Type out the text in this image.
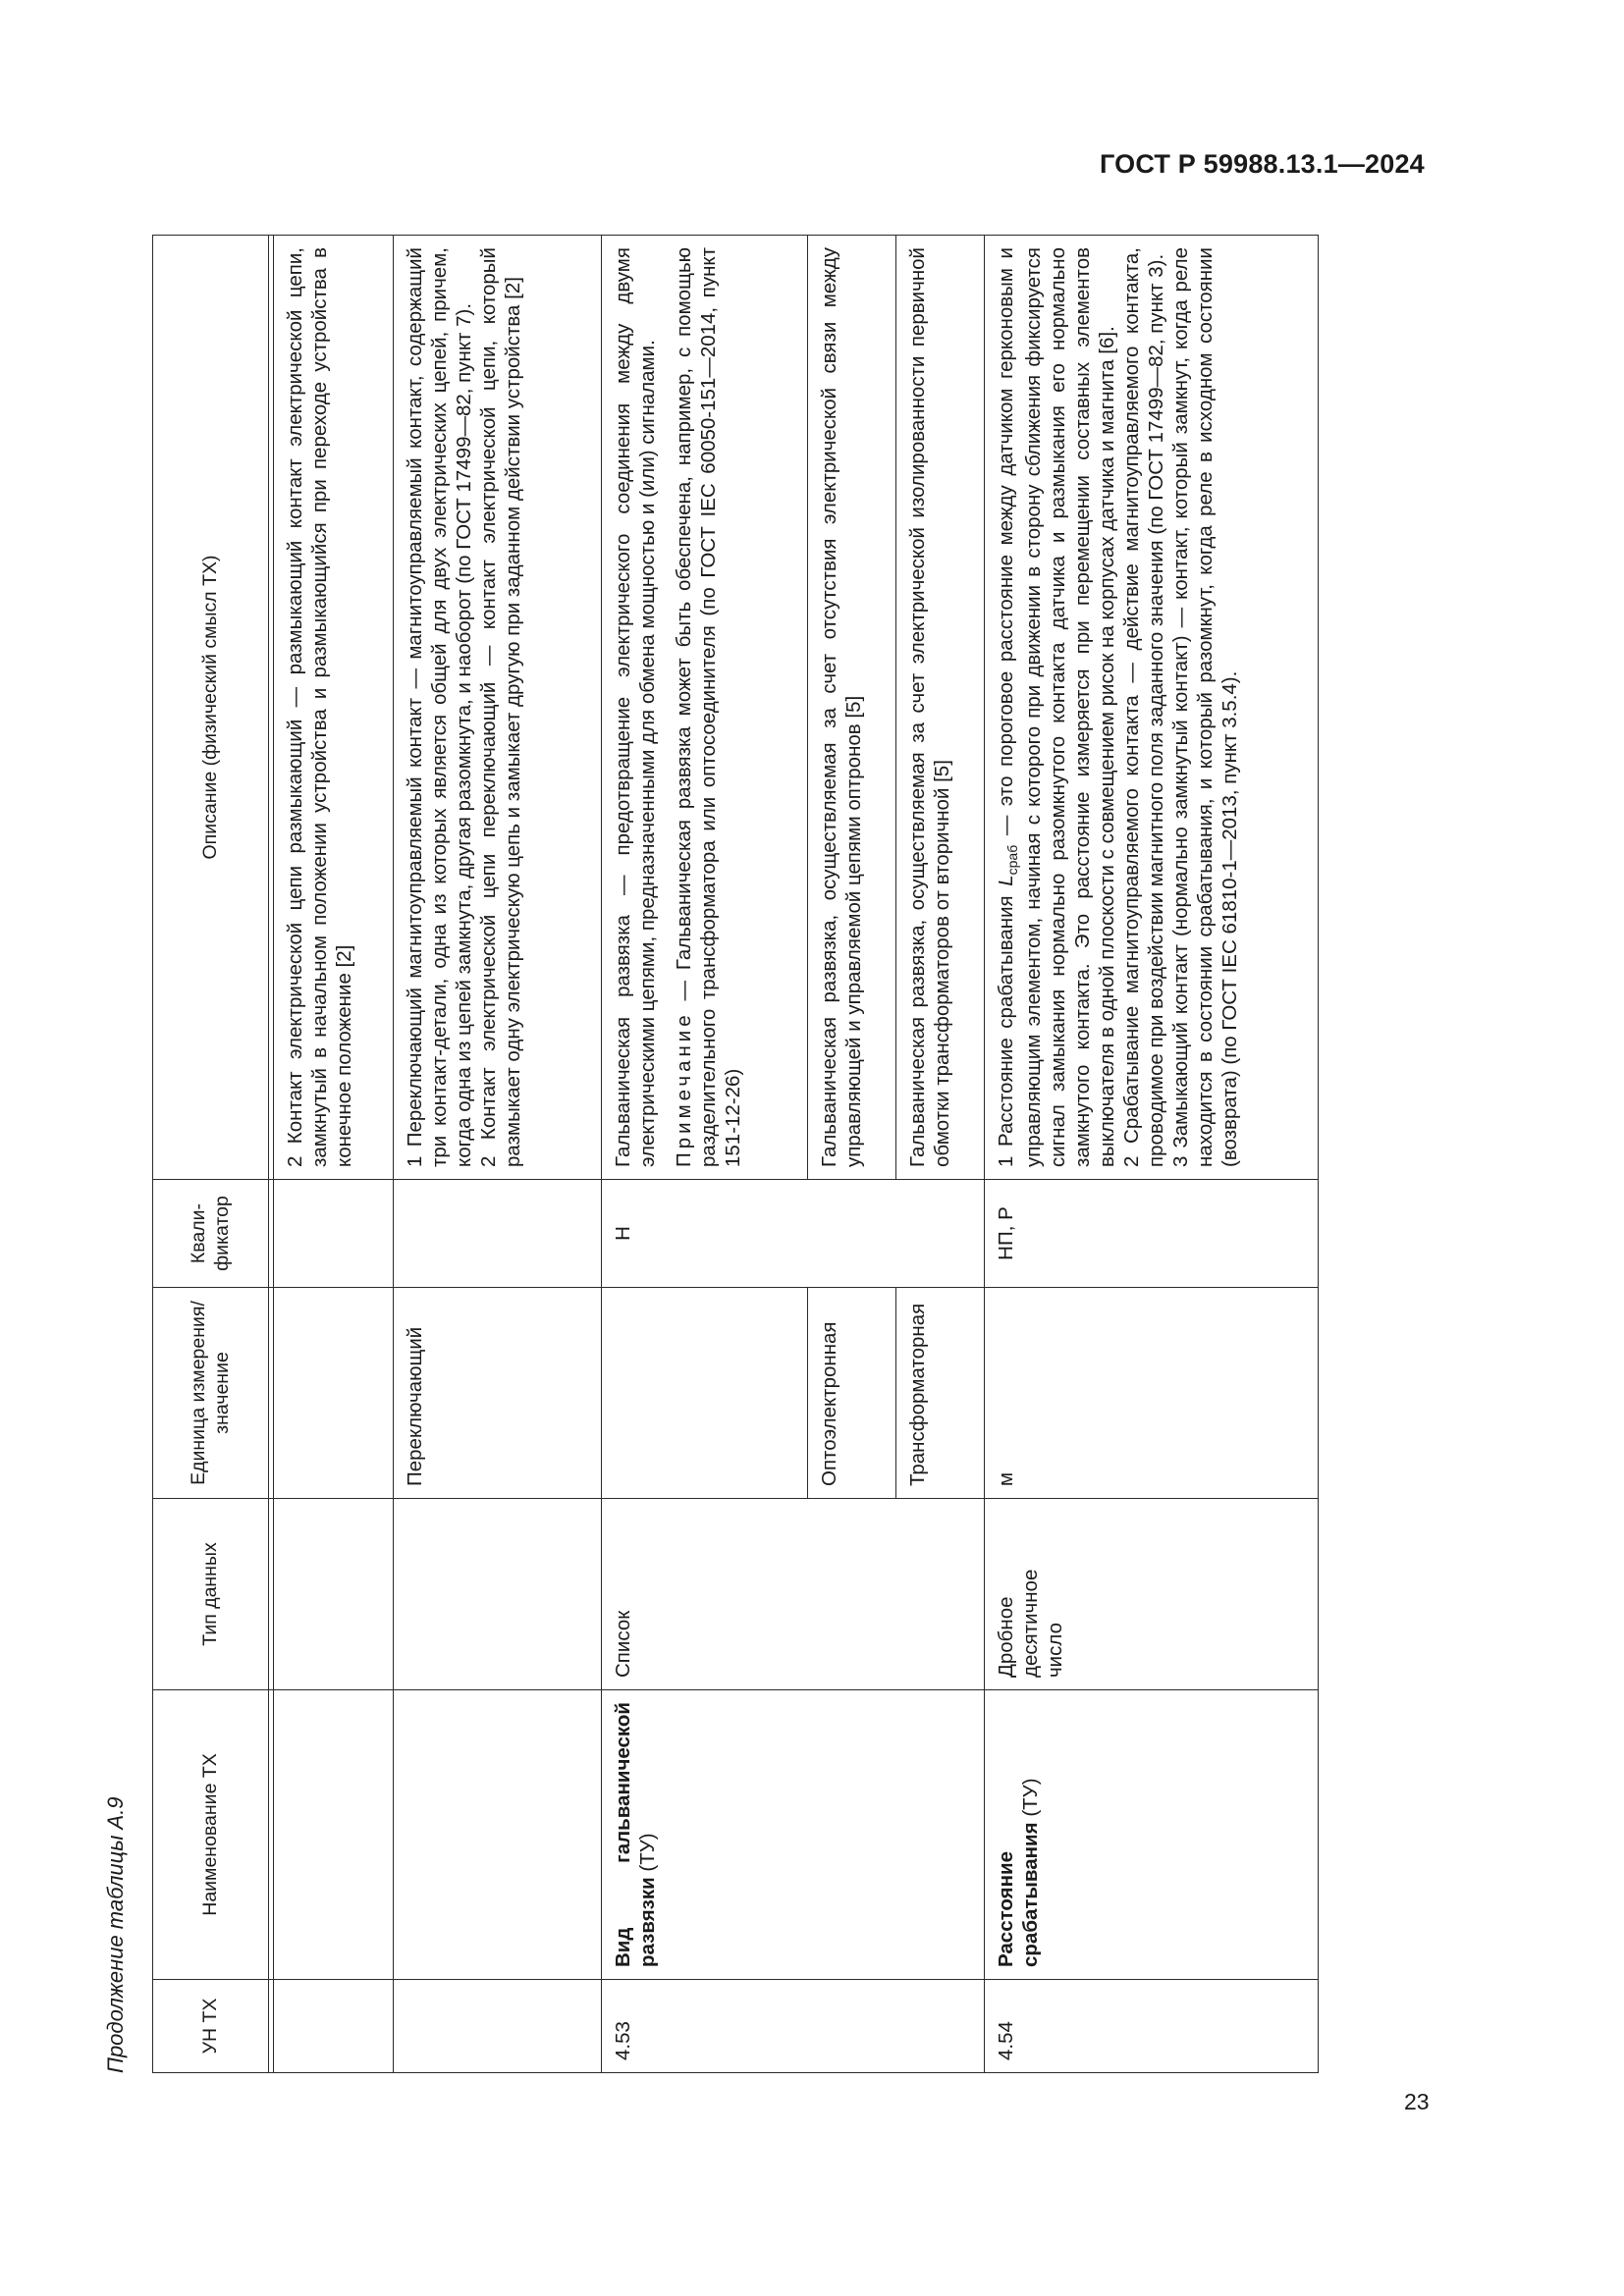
ГОСТ Р 59988.13.1—2024
Продолжение таблицы А.9	УН ТХ	Наименование ТХ	Тип данных	Единица измерения/ значение	Квали-
фикатор	Описание (физический смысл ТХ)

					2 Контакт электрической цепи размыкающий — размыкающий контакт электрической цепи, замкнутый в начальном положении устройства и размыкающийся при переходе устройства в конечное положение [2]
			Переключающий		1 Переключающий магнитоуправляемый контакт — магнитоуправляемый контакт, содержащий три контакт-детали, одна из которых является общей для двух электрических цепей, причем, когда одна из цепей замкнута, другая разомкнута, и наоборот (по ГОСТ 17499—82, пункт 7).
2 Контакт электрической цепи переключающий — контакт электрической цепи, который размыкает одну электрическую цепь и замыкает другую при заданном действии устройства [2]
4.53	Вид гальванической развязки (ТУ)	Список		Н	Гальваническая развязка — предотвращение электрического соединения между двумя электрическими цепями, предназначенными для обмена мощностью и (или) сигналами. Примечание — Гальваническая развязка может быть обеспечена, например, с помощью разделительного трансформатора или оптосоединителя (по ГОСТ IEC 60050-151—2014, пункт 151-12-26)

			Оптоэлектронная		Гальваническая развязка, осуществляемая за счет отсутствия электрической связи между управляющей и управляемой цепями оптронов [5]
			Трансформаторная		Гальваническая развязка, осуществляемая за счет электрической изолированности первичной обмотки трансформаторов от вторичной [5]
4.54	Расстояние срабатывания (ТУ)	Дробное десятичное число	м	НП, Р	1 Расстояние срабатывания $L_{сраб}$ — это пороговое расстояние между датчиком герконовым и управляющим элементом, начиная с которого при движении в сторону сближения фиксируется сигнал замыкания нормально разомкнутого контакта датчика и размыкания его нормально замкнутого контакта. Это расстояние измеряется при перемещении составных элементов выключателя в одной плоскости с совмещением рисок на корпусах датчика и магнита [6]. 2 Срабатывание магнитоуправляемого контакта — действие магнитоуправляемого контакта, проводимое при воздействии магнитного поля заданного значения (по ГОСТ 17499—82, пункт 3). 3 Замыкающий контакт (нормально замкнутый контакт) — контакт, который замкнут, когда реле находится в состоянии срабатывания, и который разомкнут, когда реле в исходном состоянии (возврата) (по ГОСТ IEC 61810-1—2013, пункт 3.5.4).
23
